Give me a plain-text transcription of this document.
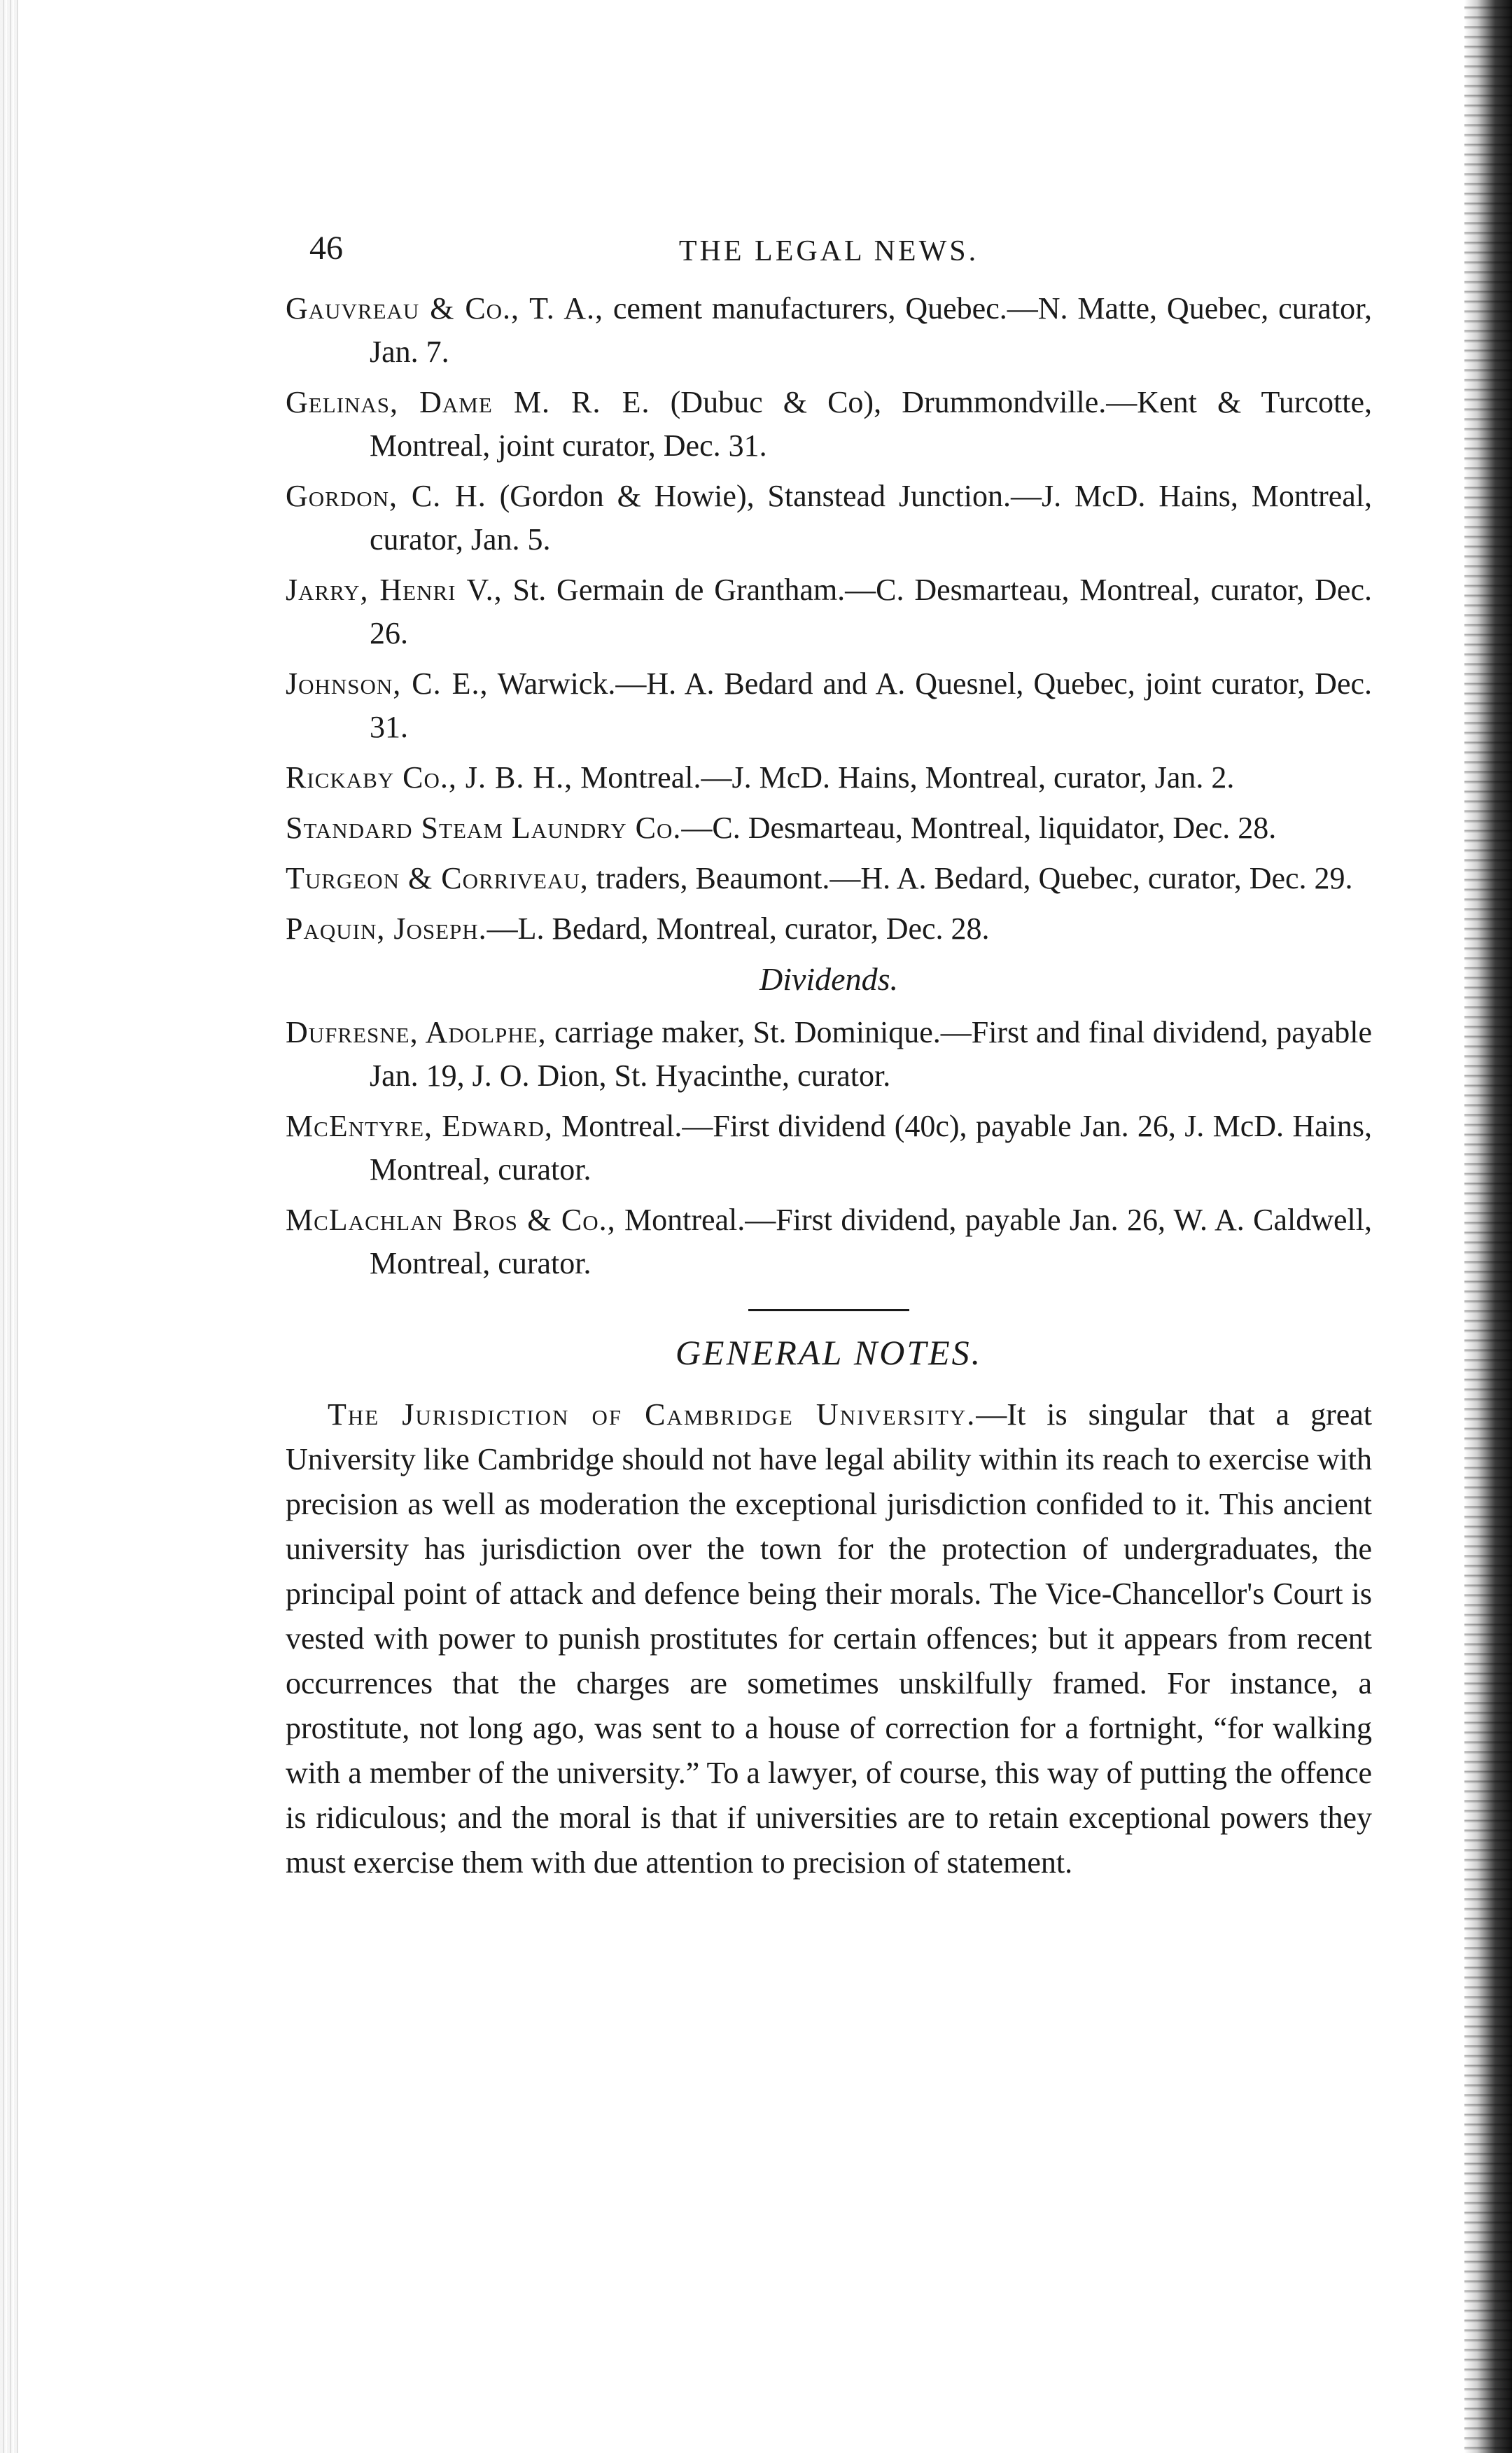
46	THE LEGAL NEWS.

Gauvreau & Co., T. A., cement manufacturers, Quebec.—N. Matte, Quebec, curator, Jan. 7.

Gelinas, Dame M. R. E. (Dubuc & Co), Drummondville.—Kent & Turcotte, Montreal, joint curator, Dec. 31.

Gordon, C. H. (Gordon & Howie), Stanstead Junction.—J. McD. Hains, Montreal, curator, Jan. 5.

Jarry, Henri V., St. Germain de Grantham.—C. Desmarteau, Montreal, curator, Dec. 26.

Johnson, C. E., Warwick.—H. A. Bedard and A. Quesnel, Quebec, joint curator, Dec. 31.

Rickaby Co., J. B. H., Montreal.—J. McD. Hains, Montreal, curator, Jan. 2.

Standard Steam Laundry Co.—C. Desmarteau, Montreal, liquidator, Dec. 28.

Turgeon & Corriveau, traders, Beaumont.—H. A. Bedard, Quebec, curator, Dec. 29.

Paquin, Joseph.—L. Bedard, Montreal, curator, Dec. 28.

Dividends.

Dufresne, Adolphe, carriage maker, St. Dominique.—First and final dividend, payable Jan. 19, J. O. Dion, St. Hyacinthe, curator.

McEntyre, Edward, Montreal.—First dividend (40c), payable Jan. 26, J. McD. Hains, Montreal, curator.

McLachlan Bros & Co., Montreal.—First dividend, payable Jan. 26, W. A. Caldwell, Montreal, curator.

GENERAL NOTES.

The Jurisdiction of Cambridge University.—It is singular that a great University like Cambridge should not have legal ability within its reach to exercise with precision as well as moderation the exceptional jurisdiction confided to it. This ancient university has jurisdiction over the town for the protection of undergraduates, the principal point of attack and defence being their morals. The Vice-Chancellor's Court is vested with power to punish prostitutes for certain offences; but it appears from recent occurrences that the charges are sometimes unskilfully framed. For instance, a prostitute, not long ago, was sent to a house of correction for a fortnight, “for walking with a member of the university.” To a lawyer, of course, this way of putting the offence is ridiculous; and the moral is that if universities are to retain exceptional powers they must exercise them with due attention to precision of statement.
